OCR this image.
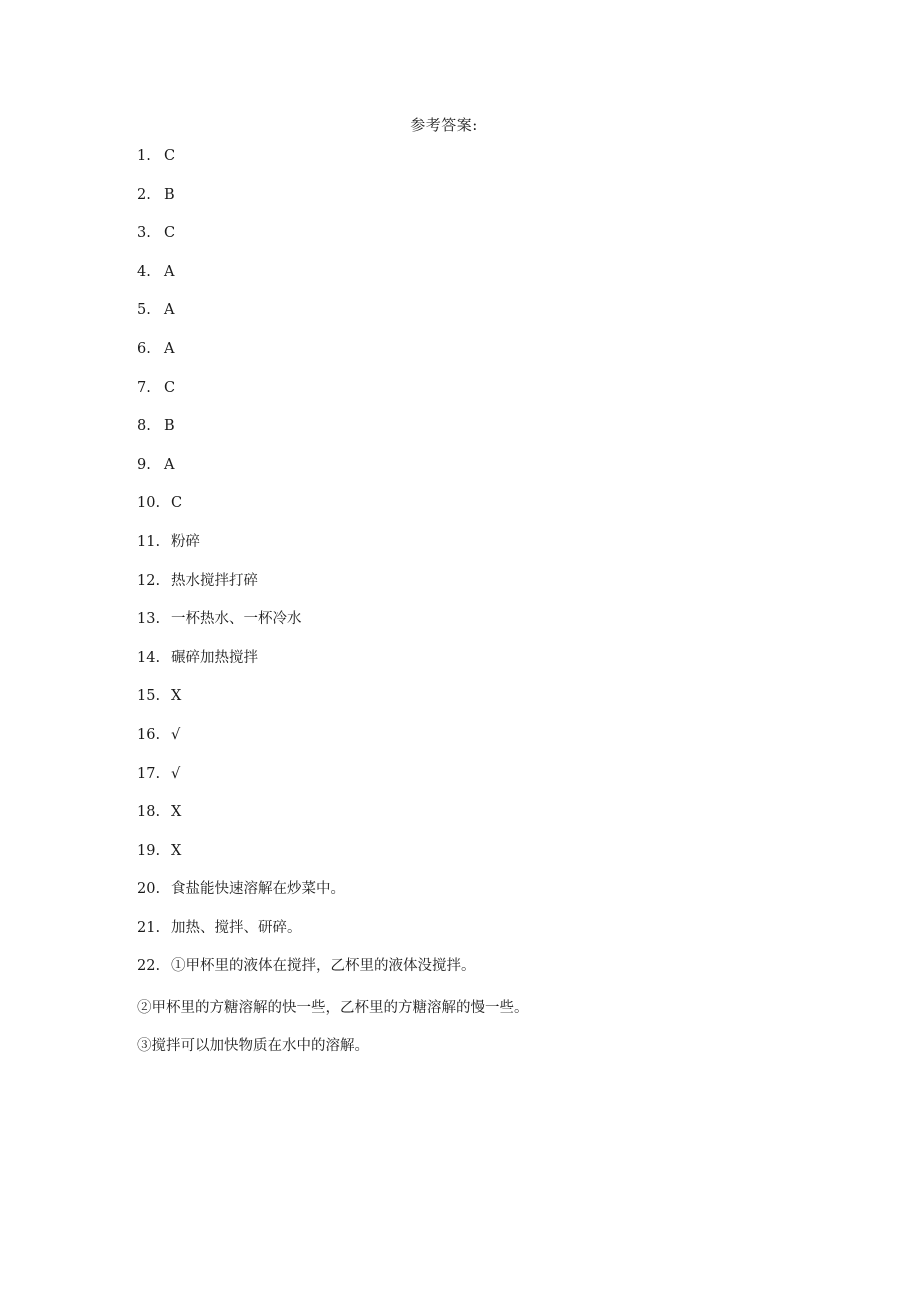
参考答案:
1. C
2. B
3. C
4. A
5. A
6. A
7. C
8. B
9. A
10. C
11. 粉碎
12. 热水搅拌打碎
13. 一杯热水、一杯冷水
14. 碾碎加热搅拌
15. X
16. √
17. √
18. X
19. X
20. 食盐能快速溶解在炒菜中。
21. 加热、搅拌、研碎。
22. ①甲杯里的液体在搅拌，乙杯里的液体没搅拌。
②甲杯里的方糖溶解的快一些，乙杯里的方糖溶解的慢一些。
③搅拌可以加快物质在水中的溶解。
